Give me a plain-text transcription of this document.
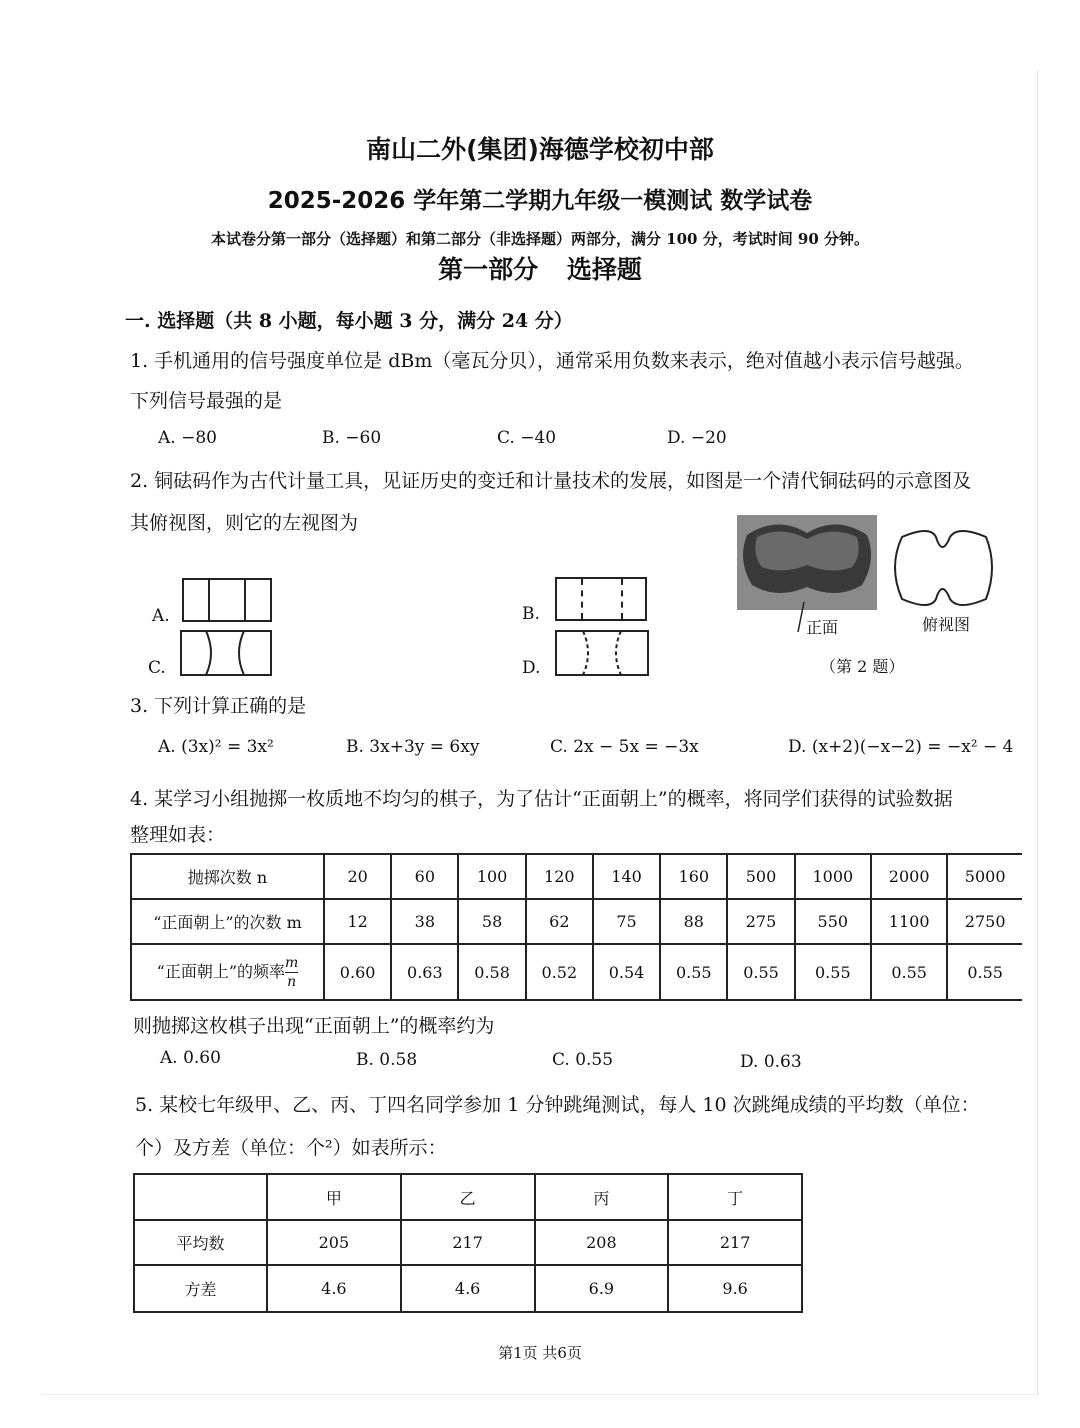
南山二外(集团)海德学校初中部
2025-2026 学年第二学期九年级一模测试 数学试卷
本试卷分第一部分（选择题）和第二部分（非选择题）两部分，满分 100 分，考试时间 90 分钟。
第一部分 选择题
一. 选择题（共 8 小题，每小题 3 分，满分 24 分）
1. 手机通用的信号强度单位是 dBm（毫瓦分贝），通常采用负数来表示，绝对值越小表示信号越强。
下列信号最强的是
A. −80	B. −60	C. −40	D. −20
2. 铜砝码作为古代计量工具，见证历史的变迁和计量技术的发展，如图是一个清代铜砝码的示意图及
其俯视图，则它的左视图为
A.
C.
B.
D.
正面	俯视图
（第 2 题）
3. 下列计算正确的是
A. (3x)² = 3x²	B. 3x+3y = 6xy	C. 2x − 5x = −3x	D. (x+2)(−x−2) = −x² − 4
4. 某学习小组抛掷一枚质地不均匀的棋子，为了估计“正面朝上”的概率，将同学们获得的试验数据
整理如表：
抛掷次数 n	20	60	100	120	140	160	500	1000	2000	5000
“正面朝上”的次数 m	12	38	58	62	75	88	275	550	1100	2750
“正面朝上”的频率 $\frac{m}{n}$	0.60	0.63	0.58	0.52	0.54	0.55	0.55	0.55	0.55	0.55
则抛掷这枚棋子出现“正面朝上”的概率约为
A. 0.60	B. 0.58	C. 0.55	D. 0.63
5. 某校七年级甲、乙、丙、丁四名同学参加 1 分钟跳绳测试，每人 10 次跳绳成绩的平均数（单位：
个）及方差（单位：个²）如表所示：
	甲	乙	丙	丁
平均数	205	217	208	217
方差	4.6	4.6	6.9	9.6
第1页 共6页
